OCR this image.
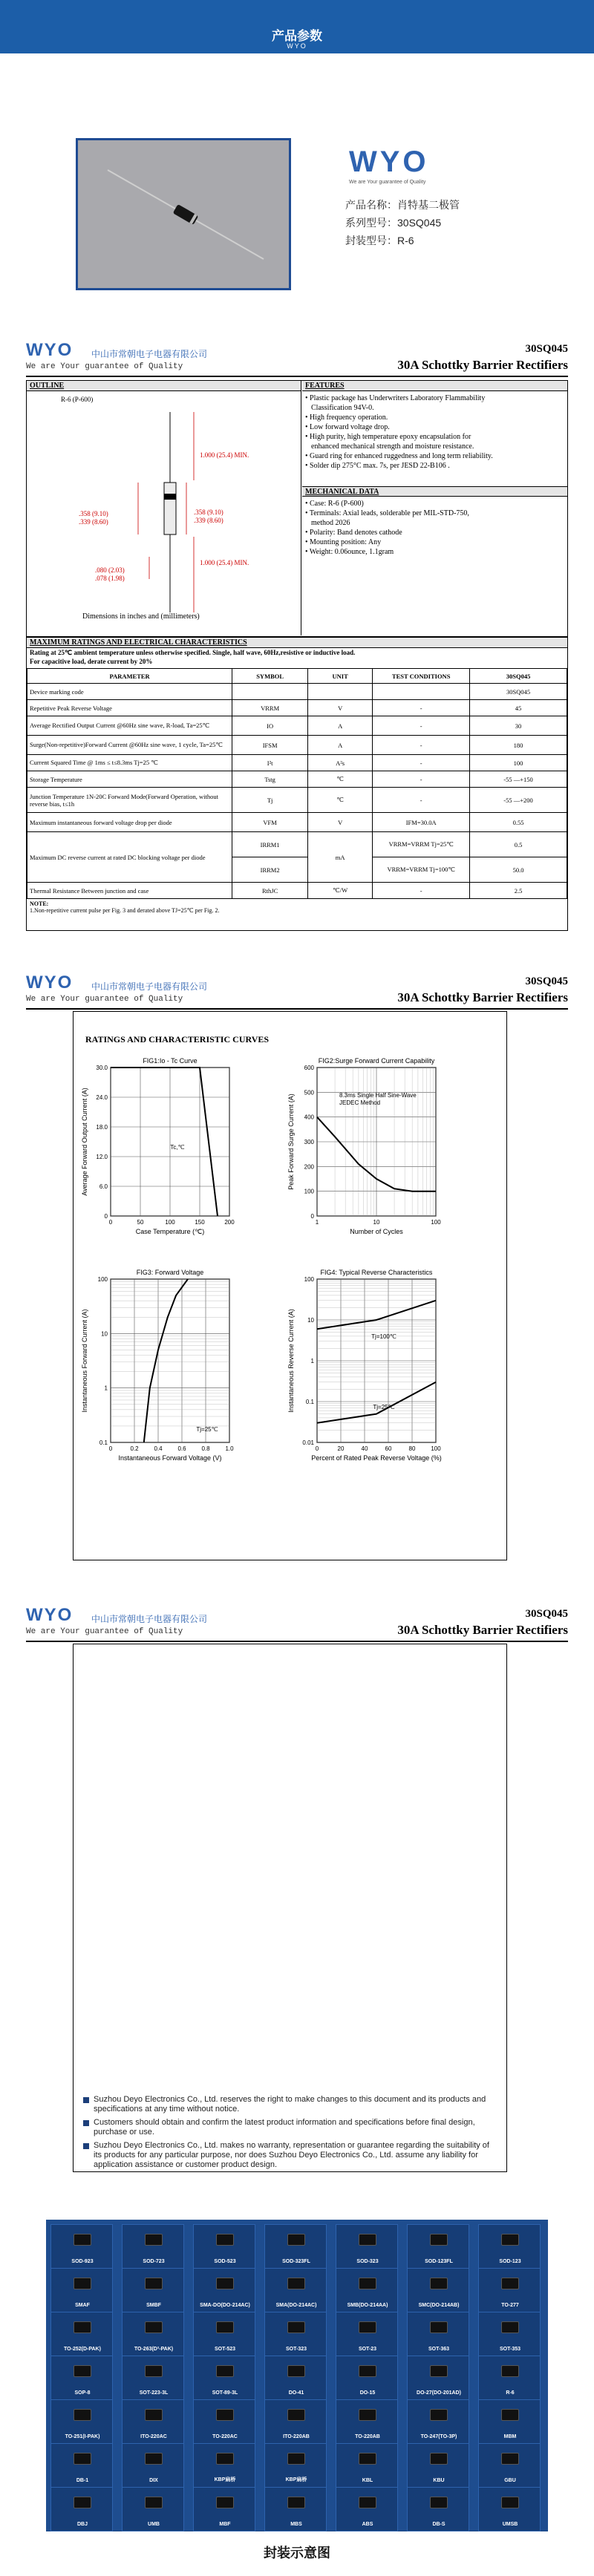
产品参数
WYO
WYO
We are Your guarantee of Quality
产品名称：肖特基二极管
系列型号：30SQ045
封装型号：R-6
WYO 中山市常朝电子电器有限公司
We are Your guarantee of Quality
30SQ045
30A Schottky Barrier Rectifiers
OUTLINE
R-6 (P-600)
1.000 (25.4) MIN.
.358 (9.10)
.339 (8.60)
.358 (9.10)
.339 (8.60)
1.000 (25.4) MIN.
.080 (2.03)
.078 (1.98)
Dimensions in inches and (millimeters)
FEATURES
• Plastic package has Underwriters Laboratory Flammability
Classification 94V-0.
• High frequency operation.
• Low forward voltage drop.
• High purity, high temperature epoxy encapsulation for
enhanced mechanical strength and moisture resistance.
• Guard ring for enhanced ruggedness and long term reliability.
• Solder dip 275°C max. 7s, per JESD 22-B106 .
MECHANICAL DATA
• Case: R-6 (P-600)
• Terminals: Axial leads, solderable per MIL-STD-750,
method 2026
• Polarity: Band denotes cathode
• Mounting position: Any
• Weight: 0.06ounce, 1.1gram
MAXIMUM RATINGS AND ELECTRICAL CHARACTERISTICS
Rating at 25℃ ambient temperature unless otherwise specified. Single, half wave, 60Hz,resistive or inductive load.
For capacitive load, derate current by 20%
PARAMETER	SYMBOL	UNIT	TEST CONDITIONS	30SQ045
Device marking code				30SQ045
Repetitive Peak Reverse Voltage	VRRM	V	-	45
Average Rectified Output Current @60Hz sine wave, R-load, Ta=25℃	IO	A	-	30
Surge(Non-repetitive)Forward Current @60Hz sine wave, 1 cycle, Ta=25℃	IFSM	A	-	180
Current Squared Time @ 1ms ≤ t≤8.3ms Tj=25 ℃	I²t	A²s	-	100
Storage Temperature	Tstg	℃	-	-55 —+150
Junction Temperature 1N-20C Forward Mode(Forward Operation, without reverse bias, t≤1h	Tj	℃	-	-55 —+200
Maximum instantaneous forward voltage drop per diode	VFM	V	IFM=30.0A	0.55
Maximum DC reverse current at rated DC blocking voltage per diode	IRRM1	mA	VRRM=VRRM Tj=25℃	0.5
	IRRM2		VRRM=VRRM Tj=100℃	50.0
Thermal Resistance Between junction and case	RthJC	℃/W	-	2.5
NOTE:
1.Non-repetitive current pulse per Fig. 3 and derated above TJ=25℃ per Fig. 2.
WYO 中山市常朝电子电器有限公司
We are Your guarantee of Quality
30SQ045
30A Schottky Barrier Rectifiers
RATINGS AND CHARACTERISTIC CURVES
FIG1:Io - Tc Curve
Case Temperature (℃)
Average Forward Output Current (A)
0	50	100	150	200
0
6.0
12.0
18.0
24.0
30.0
FIG2:Surge Forward Current Capability
Number of Cycles
Peak Forward Surge Current (A)
1	10	100
0
100
200
300
400
500
600
FIG3: Forward Voltage
Instantaneous Forward Voltage (V)
Instantaneous Forward Current (A)
0	0.2	0.4	0.6	0.8	1.0
0.1
1
10
100
FIG4: Typical Reverse Characteristics
Percent of Rated Peak Reverse Voltage (%)
Instantaneous Reverse Current (A)
0	20	40	60	80	100
0.01
0.1
1
10
100
Tc,℃
8.3ms Single Half Sine-Wave
JEDEC Method
Tj=25℃
Tj=100℃
Tj=25℃
WYO 中山市常朝电子电器有限公司
We are Your guarantee of Quality
30SQ045
30A Schottky Barrier Rectifiers
Suzhou Deyo Electronics Co., Ltd. reserves the right to make changes to this document and its products and specifications at any time without notice.
Customers should obtain and confirm the latest product information and specifications before final design, purchase or use.
Suzhou Deyo Electronics Co., Ltd. makes no warranty, representation or guarantee regarding the suitability of its products for any particular purpose, nor does Suzhou Deyo Electronics Co., Ltd. assume any liability for application assistance or customer product design.
SOD-923	SOD-723	SOD-523	SOD-323FL	SOD-323	SOD-123FL	SOD-123
SMAF	SMBF	SMA-DO(DO-214AC)	SMA(DO-214AC)	SMB(DO-214AA)	SMC(DO-214AB)	TO-277
TO-252(D-PAK)	TO-263(D²-PAK)	SOT-523	SOT-323	SOT-23	SOT-363	SOT-353
SOP-8	SOT-223-3L	SOT-89-3L	DO-41	DO-15	DO-27(DO-201AD)	R-6
TO-251(I-PAK)	ITO-220AC	TO-220AC	ITO-220AB	TO-220AB	TO-247(TO-3P)	MBM
DB-1	DIX	KBP扁桥	KBP扁桥	KBL	KBU	GBU
DBJ	UMB	MBF	MBS	ABS	DB-S	UMSB
封装示意图
